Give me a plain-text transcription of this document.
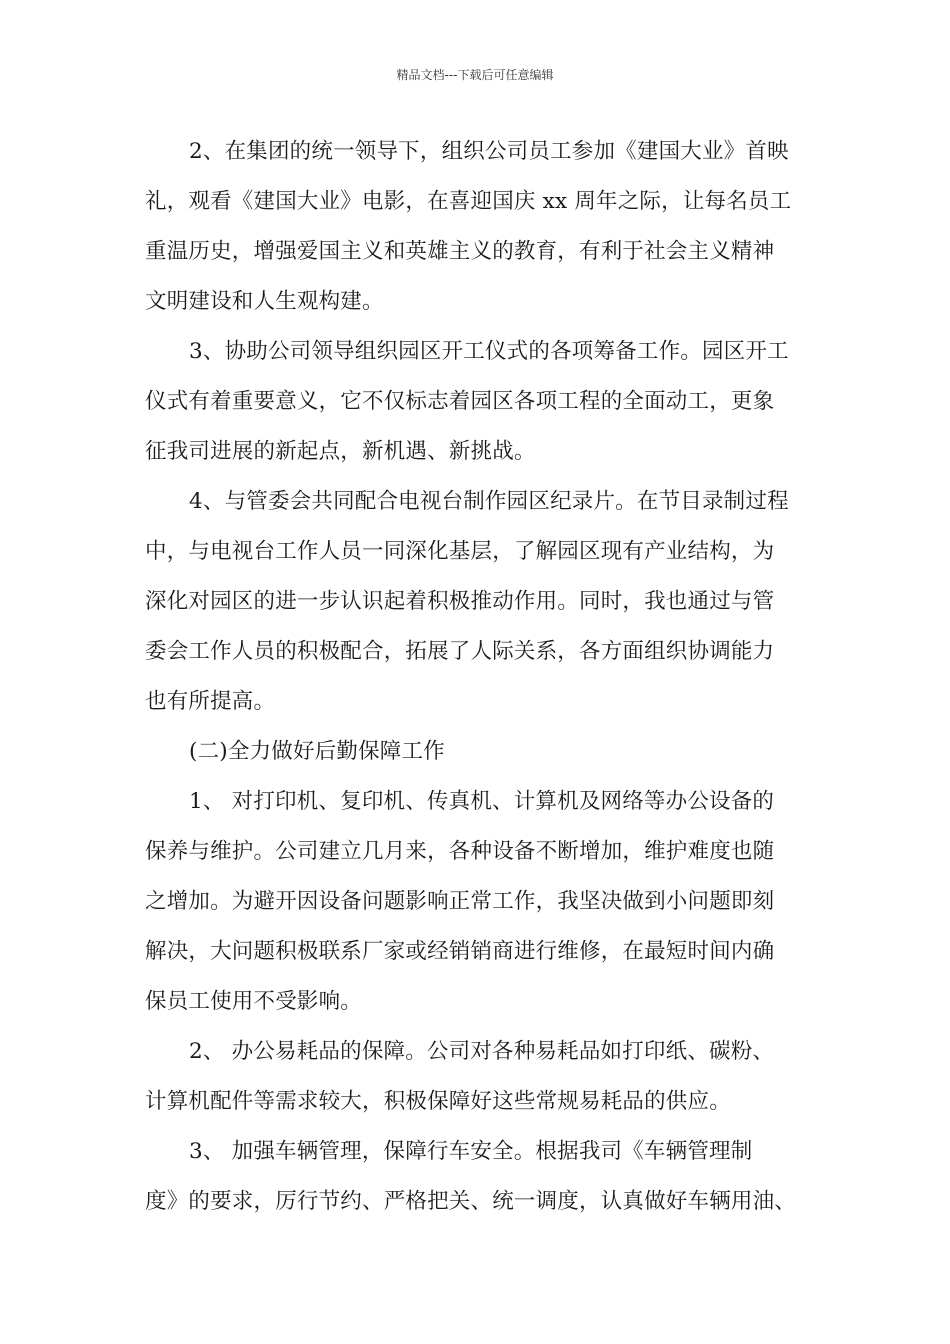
精品文档---下载后可任意编辑
2、在集团的统一领导下，组织公司员工参加《建国大业》首映
礼，观看《建国大业》电影，在喜迎国庆 xx 周年之际，让每名员工
重温历史，增强爱国主义和英雄主义的教育，有利于社会主义精神
文明建设和人生观构建。
3、协助公司领导组织园区开工仪式的各项筹备工作。园区开工
仪式有着重要意义，它不仅标志着园区各项工程的全面动工，更象
征我司进展的新起点，新机遇、新挑战。
4、与管委会共同配合电视台制作园区纪录片。在节目录制过程
中，与电视台工作人员一同深化基层，了解园区现有产业结构，为
深化对园区的进一步认识起着积极推动作用。同时，我也通过与管
委会工作人员的积极配合，拓展了人际关系，各方面组织协调能力
也有所提高。
(二)全力做好后勤保障工作
1、 对打印机、复印机、传真机、计算机及网络等办公设备的
保养与维护。公司建立几月来，各种设备不断增加，维护难度也随
之增加。为避开因设备问题影响正常工作，我坚决做到小问题即刻
解决，大问题积极联系厂家或经销销商进行维修，在最短时间内确
保员工使用不受影响。
2、 办公易耗品的保障。公司对各种易耗品如打印纸、碳粉、
计算机配件等需求较大，积极保障好这些常规易耗品的供应。
3、 加强车辆管理，保障行车安全。根据我司《车辆管理制
度》的要求，厉行节约、严格把关、统一调度，认真做好车辆用油、
